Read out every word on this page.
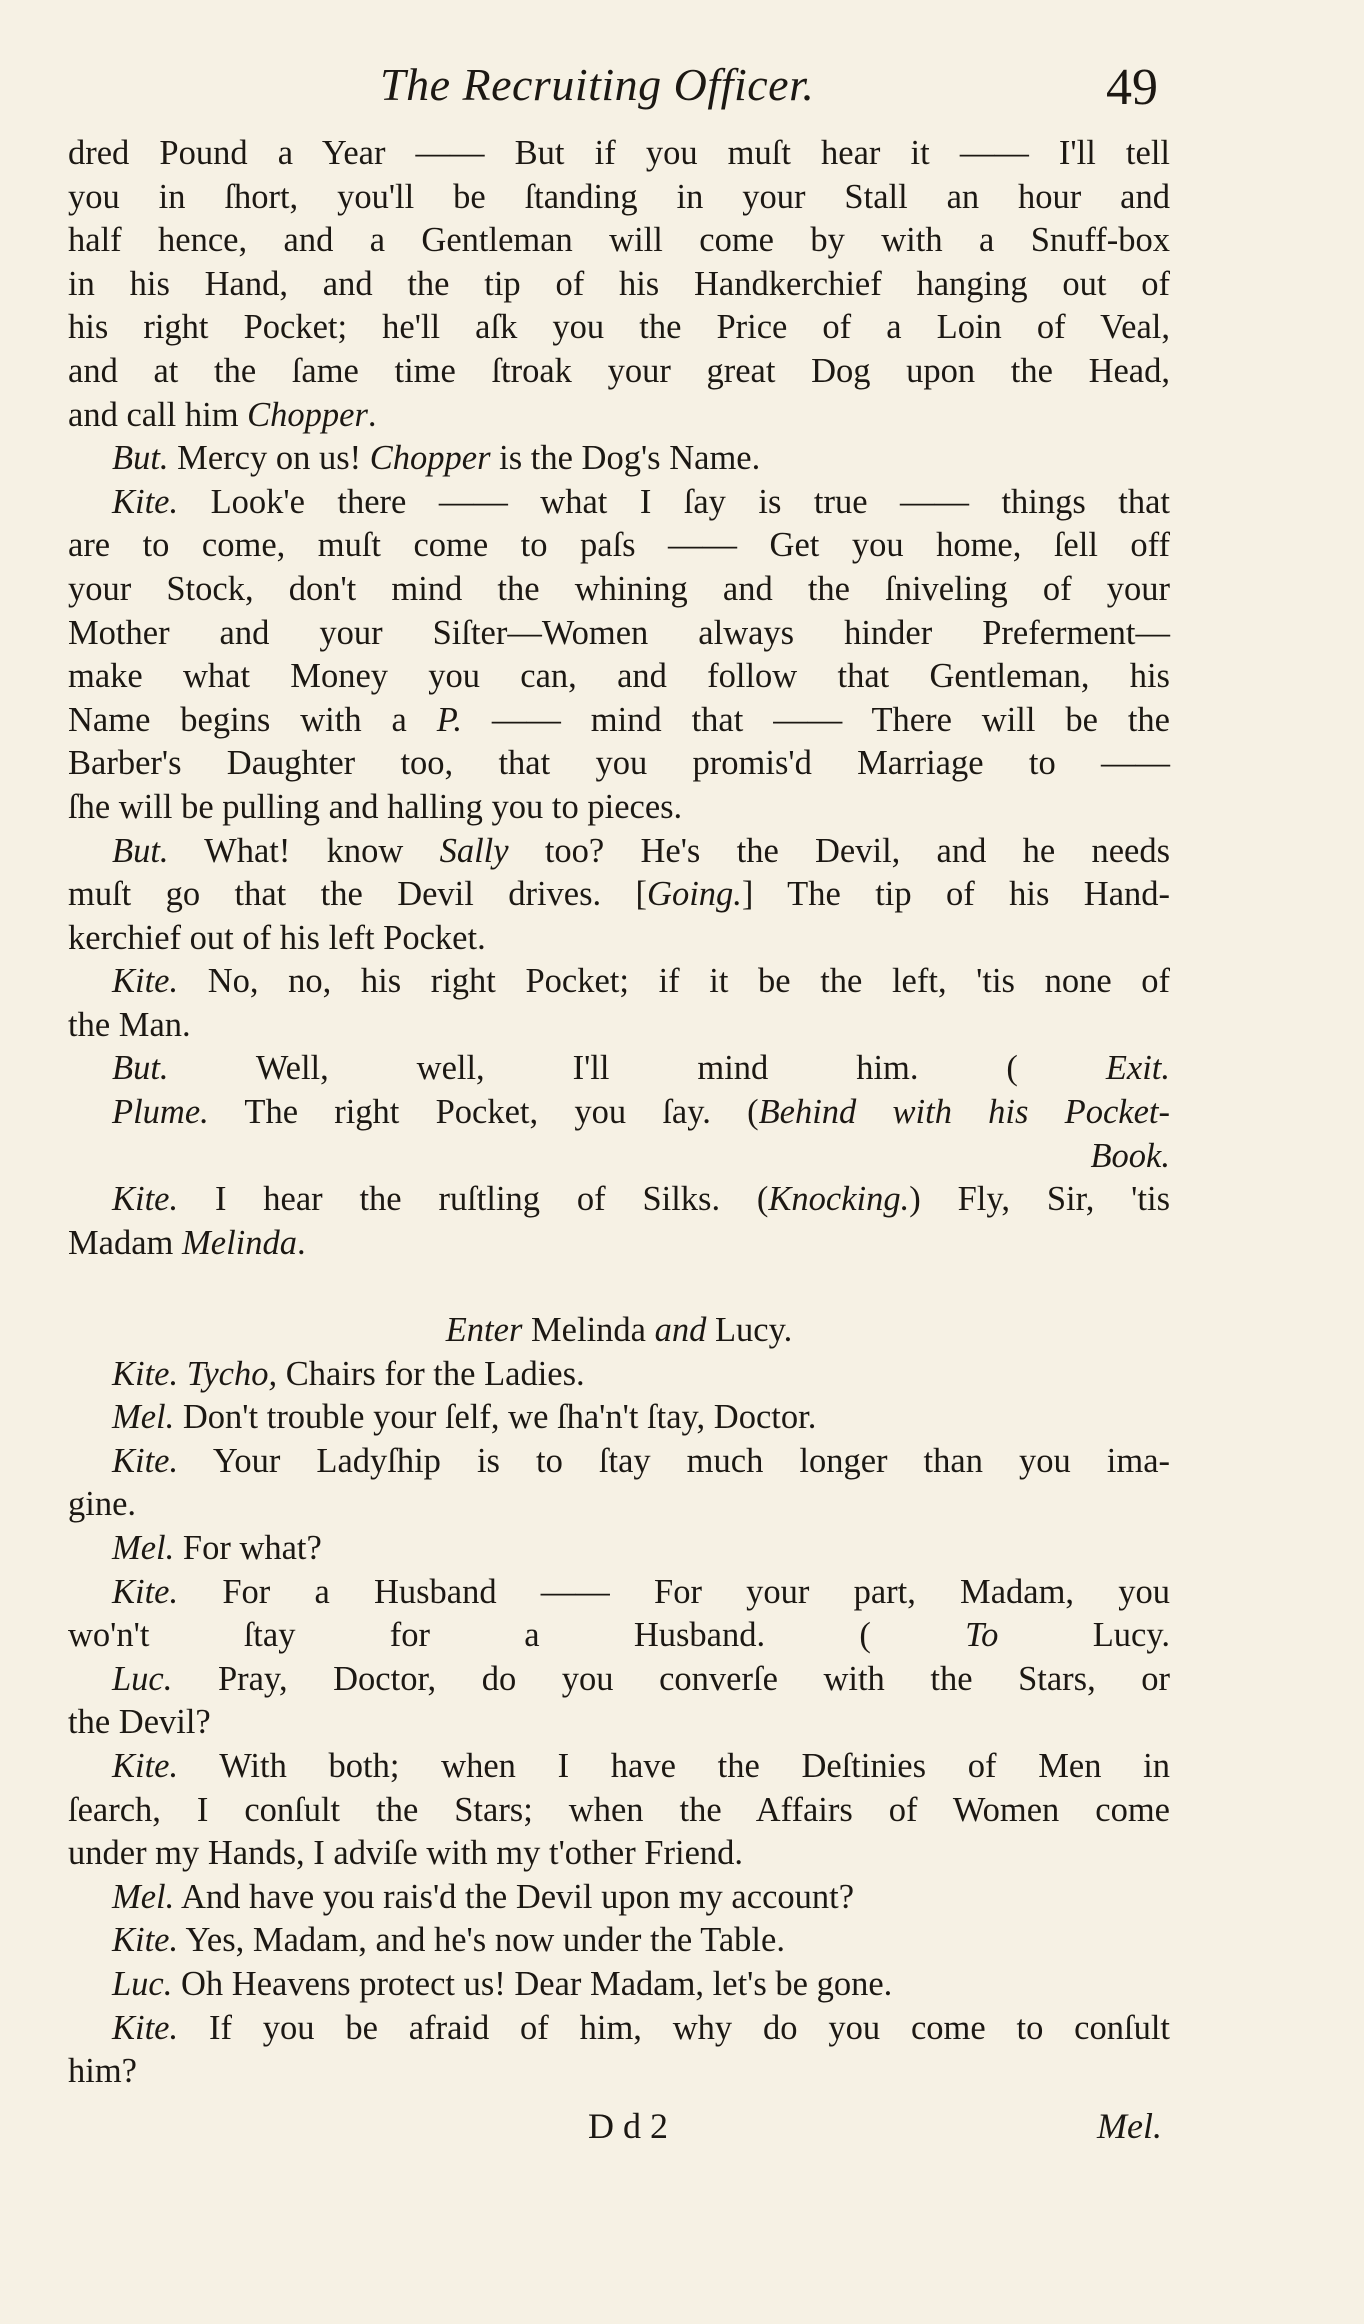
The Recruiting Officer.	49
dred Pound a Year —— But if you muſt hear it —— I'll tell
you in ſhort, you'll be ſtanding in your Stall an hour and
half hence, and a Gentleman will come by with a Snuff-box
in his Hand, and the tip of his Handkerchief hanging out of
his right Pocket; he'll aſk you the Price of a Loin of Veal,
and at the ſame time ſtroak your great Dog upon the Head,
and call him Chopper.
But. Mercy on us! Chopper is the Dog's Name.
Kite. Look'e there —— what I ſay is true —— things that
are to come, muſt come to paſs —— Get you home, ſell off
your Stock, don't mind the whining and the ſniveling of your
Mother and your Siſter—Women always hinder Preferment—
make what Money you can, and follow that Gentleman, his
Name begins with a P. —— mind that —— There will be the
Barber's Daughter too, that you promis'd Marriage to ——
ſhe will be pulling and halling you to pieces.
But. What! know Sally too? He's the Devil, and he needs
muſt go that the Devil drives. [Going.] The tip of his Hand-
kerchief out of his left Pocket.
Kite. No, no, his right Pocket; if it be the left, 'tis none of
the Man.
But. Well, well, I'll mind him. ( Exit.
Plume. The right Pocket, you ſay. (Behind with his Pocket-
Book.
Kite. I hear the ruſtling of Silks. (Knocking.) Fly, Sir, 'tis
Madam Melinda.
Enter Melinda and Lucy.
Kite. Tycho, Chairs for the Ladies.
Mel. Don't trouble your ſelf, we ſha'n't ſtay, Doctor.
Kite. Your Ladyſhip is to ſtay much longer than you ima-
gine.
Mel. For what?
Kite. For a Husband —— For your part, Madam, you
wo'n't ſtay for a Husband. ( To Lucy.
Luc. Pray, Doctor, do you converſe with the Stars, or
the Devil?
Kite. With both; when I have the Deſtinies of Men in
ſearch, I conſult the Stars; when the Affairs of Women come
under my Hands, I adviſe with my t'other Friend.
Mel. And have you rais'd the Devil upon my account?
Kite. Yes, Madam, and he's now under the Table.
Luc. Oh Heavens protect us! Dear Madam, let's be gone.
Kite. If you be afraid of him, why do you come to conſult
him?
D d 2	Mel.
